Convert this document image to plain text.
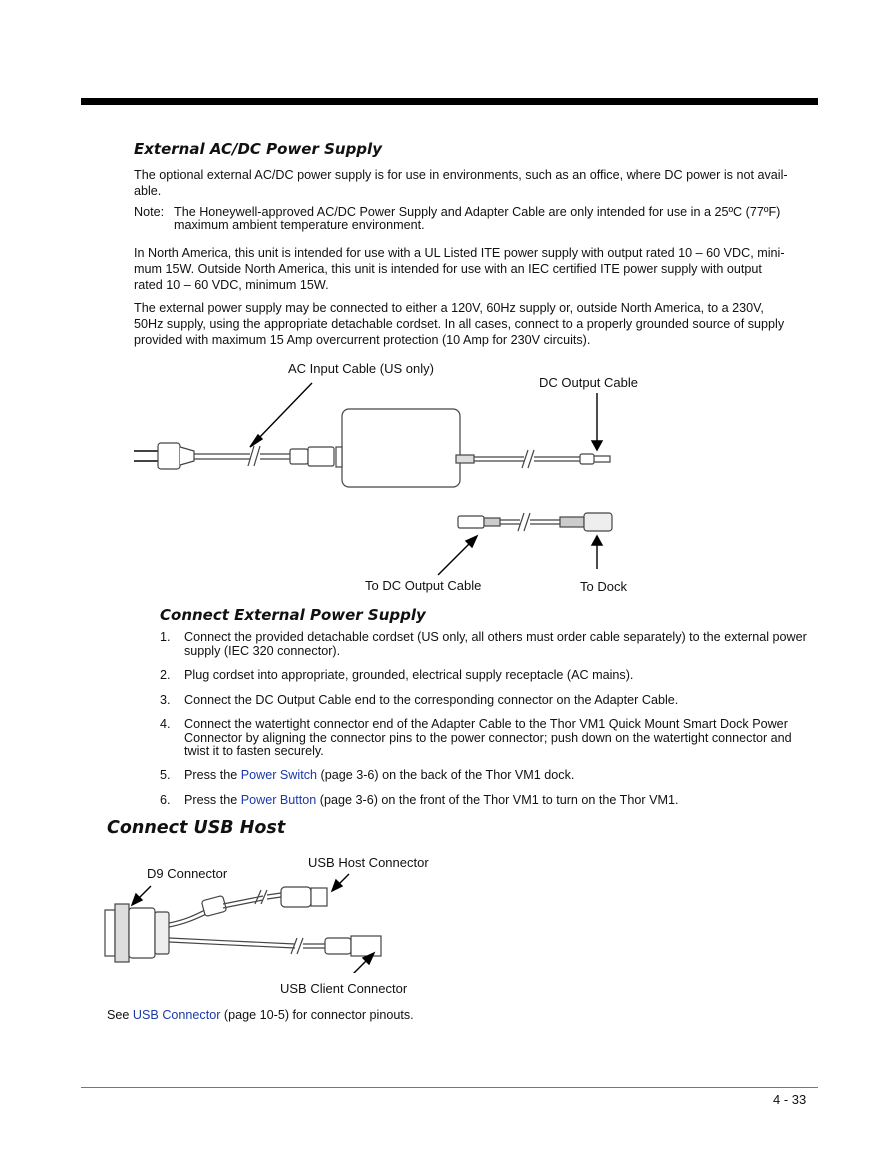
External AC/DC Power Supply

The optional external AC/DC power supply is for use in environments, such as an office, where DC power is not avail-
able.

Note: The Honeywell-approved AC/DC Power Supply and Adapter Cable are only intended for use in a 25ºC (77ºF) maximum ambient temperature environment.

In North America, this unit is intended for use with a UL Listed ITE power supply with output rated 10 – 60 VDC, mini-
mum 15W. Outside North America, this unit is intended for use with an IEC certified ITE power supply with output
rated 10 – 60 VDC, minimum 15W.

The external power supply may be connected to either a 120V, 60Hz supply or, outside North America, to a 230V,
50Hz supply, using the appropriate detachable cordset. In all cases, connect to a properly grounded source of supply
provided with maximum 15 Amp overcurrent protection (10 Amp for 230V circuits).

AC Input Cable (US only)
DC Output Cable
To DC Output Cable	To Dock
Connect External Power Supply
1. Connect the provided detachable cordset (US only, all others must order cable separately) to the external power supply (IEC 320 connector).
2. Plug cordset into appropriate, grounded, electrical supply receptacle (AC mains).
3. Connect the DC Output Cable end to the corresponding connector on the Adapter Cable.
4. Connect the watertight connector end of the Adapter Cable to the Thor VM1 Quick Mount Smart Dock Power Connector by aligning the connector pins to the power connector; push down on the watertight connector and twist it to fasten securely.
5. Press the Power Switch (page 3-6) on the back of the Thor VM1 dock.
6. Press the Power Button (page 3-6) on the front of the Thor VM1 to turn on the Thor VM1.
Connect USB Host
D9 Connector
USB Host Connector
USB Client Connector

See USB Connector (page 10-5) for connector pinouts.

4 - 33
